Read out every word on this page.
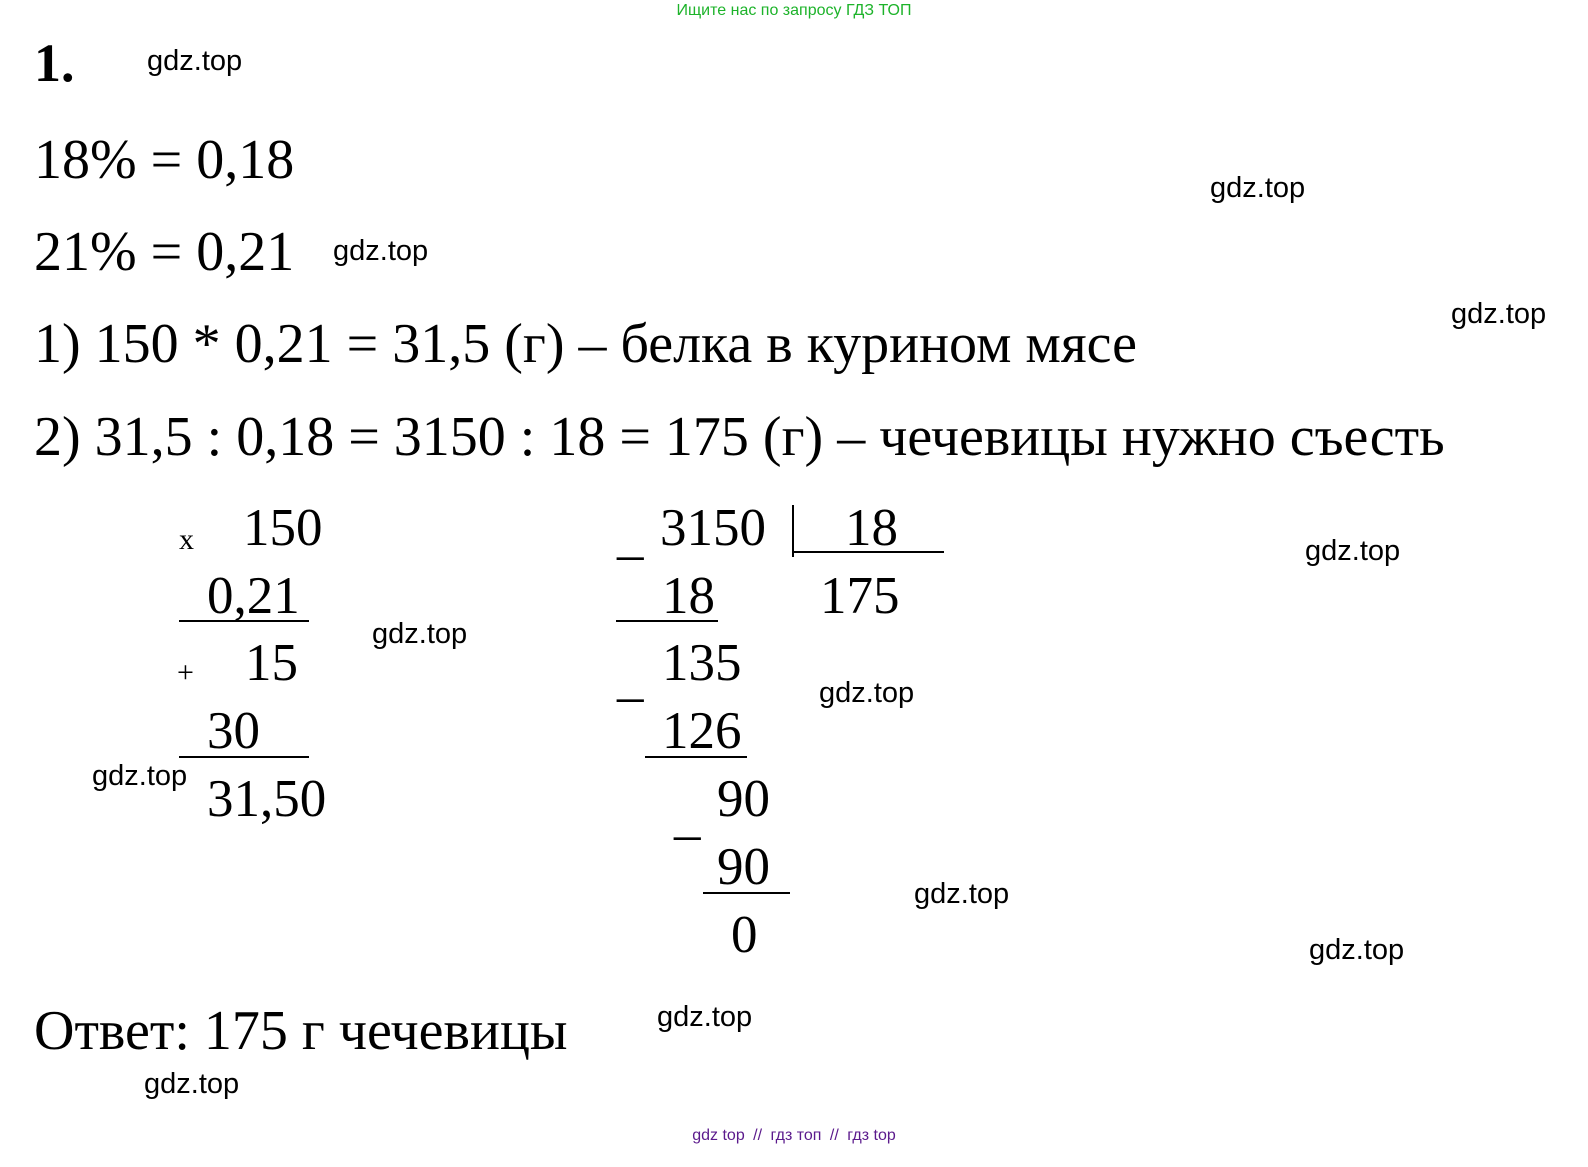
Ищите нас по запросу ГДЗ ТОП
1.
18% = 0,18
21% = 0,21
1) 150 * 0,21 = 31,5 (г) – белка в курином мясе
2) 31,5 : 0,18 = 3150 : 18 = 175 (г) – чечевицы нужно съесть
x 150
0,21
+ 15
30
31,50
_ 3150 18
175
18
_ 135
126
_ 90
90
0
Ответ: 175 г чечевицы
gdz.top
gdz.top
gdz.top
gdz.top
gdz.top
gdz.top
gdz.top
gdz.top
gdz.top
gdz.top
gdz.top
gdz.top
gdz top // гдз топ // гдз top
